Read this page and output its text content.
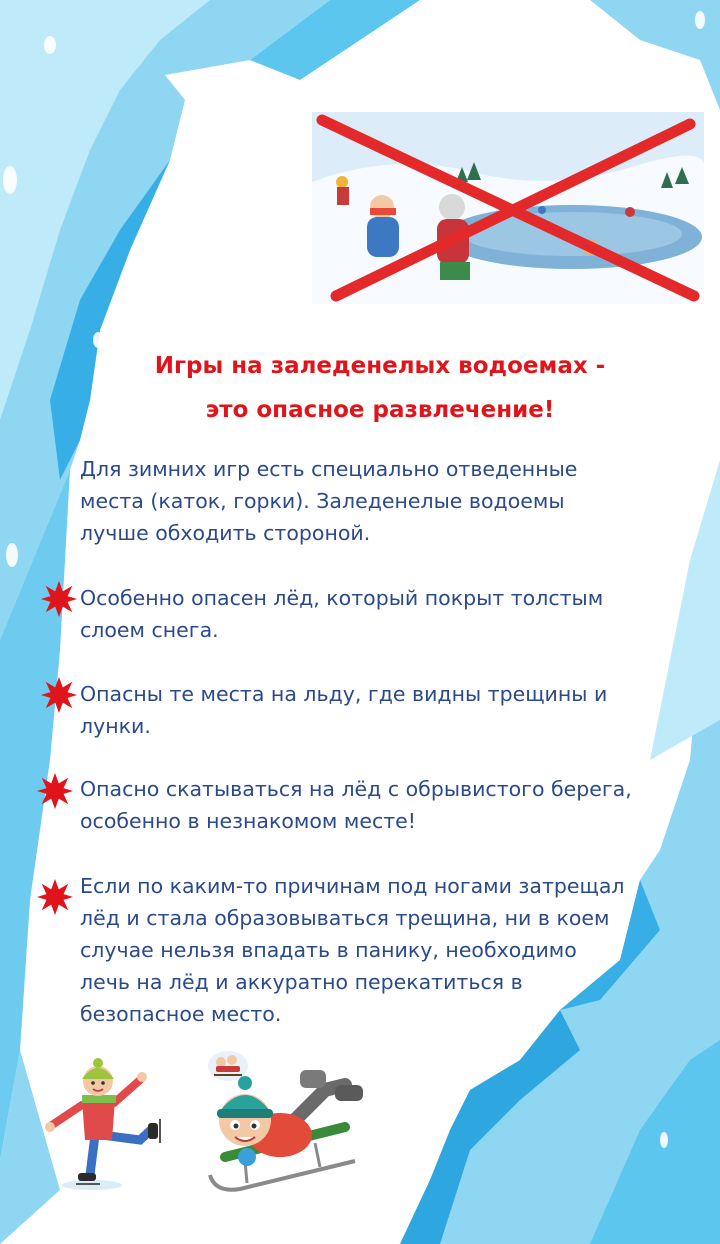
Игры на заледенелых водоемах -
это опасное развлечение!
Для зимних игр есть специально отведенные
места (каток, горки). Заледенелые водоемы
лучше обходить стороной.
Особенно опасен лёд, который покрыт толстым
слоем снега.
Опасны те места на льду, где видны трещины и
лунки.
Опасно скатываться на лёд с обрывистого берега,
особенно в незнакомом месте!
Если по каким-то причинам под ногами затрещал
лёд и стала образовываться трещина, ни в коем
случае нельзя впадать в панику, необходимо
лечь на лёд и аккуратно перекатиться в
безопасное место.
